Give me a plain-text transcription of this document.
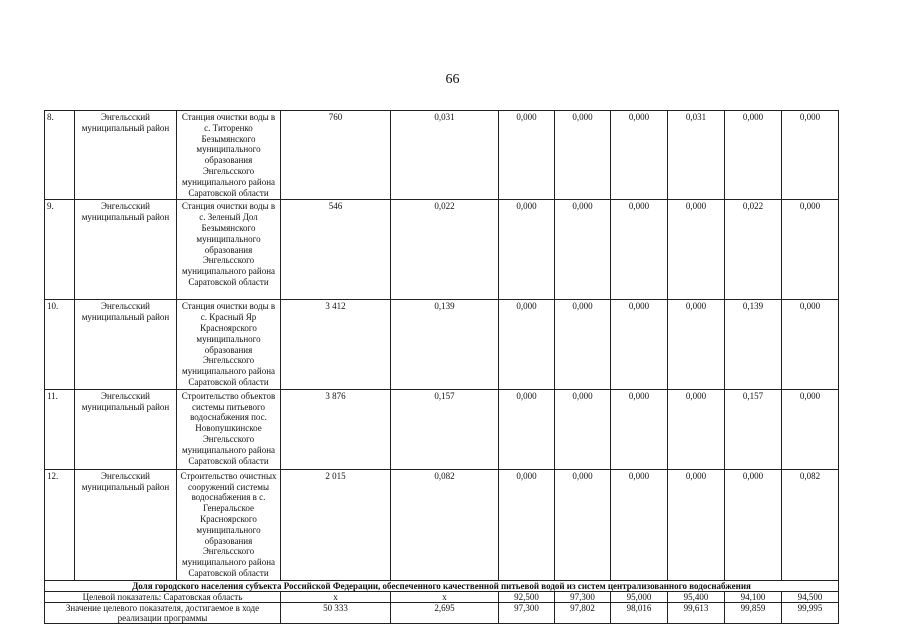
66
8.	Энгельсский муниципальный район	Станция очистки воды в с. Титоренко Безымянского муниципального образования Энгельсского муниципального района Саратовской области	760	0,031	0,000	0,000	0,000	0,031	0,000	0,000
9.	Энгельсский муниципальный район	Станция очистки воды в с. Зеленый Дол Безымянского муниципального образования Энгельсского муниципального района Саратовской области	546	0,022	0,000	0,000	0,000	0,000	0,022	0,000
10.	Энгельсский муниципальный район	Станция очистки воды в с. Красный Яр Красноярского муниципального образования Энгельсского муниципального района Саратовской области	3 412	0,139	0,000	0,000	0,000	0,000	0,139	0,000
11.	Энгельсский муниципальный район	Строительство объектов системы питьевого водоснабжения пос. Новопушкинское Энгельсского муниципального района Саратовской области	3 876	0,157	0,000	0,000	0,000	0,000	0,157	0,000
12.	Энгельсский муниципальный район	Строительство очистных сооружений системы водоснабжения в с. Генеральское Красноярского муниципального образования Энгельсского муниципального района Саратовской области	2 015	0,082	0,000	0,000	0,000	0,000	0,000	0,082
Доля городского населения субъекта Российской Федерации, обеспеченного качественной питьевой водой из систем централизованного водоснабжения										
Целевой показатель: Саратовская область			х	х	92,500	97,300	95,000	95,400	94,100	94,500
Значение целевого показателя, достигаемое в ходе реализации программы			50 333	2,695	97,300	97,802	98,016	99,613	99,859	99,995
